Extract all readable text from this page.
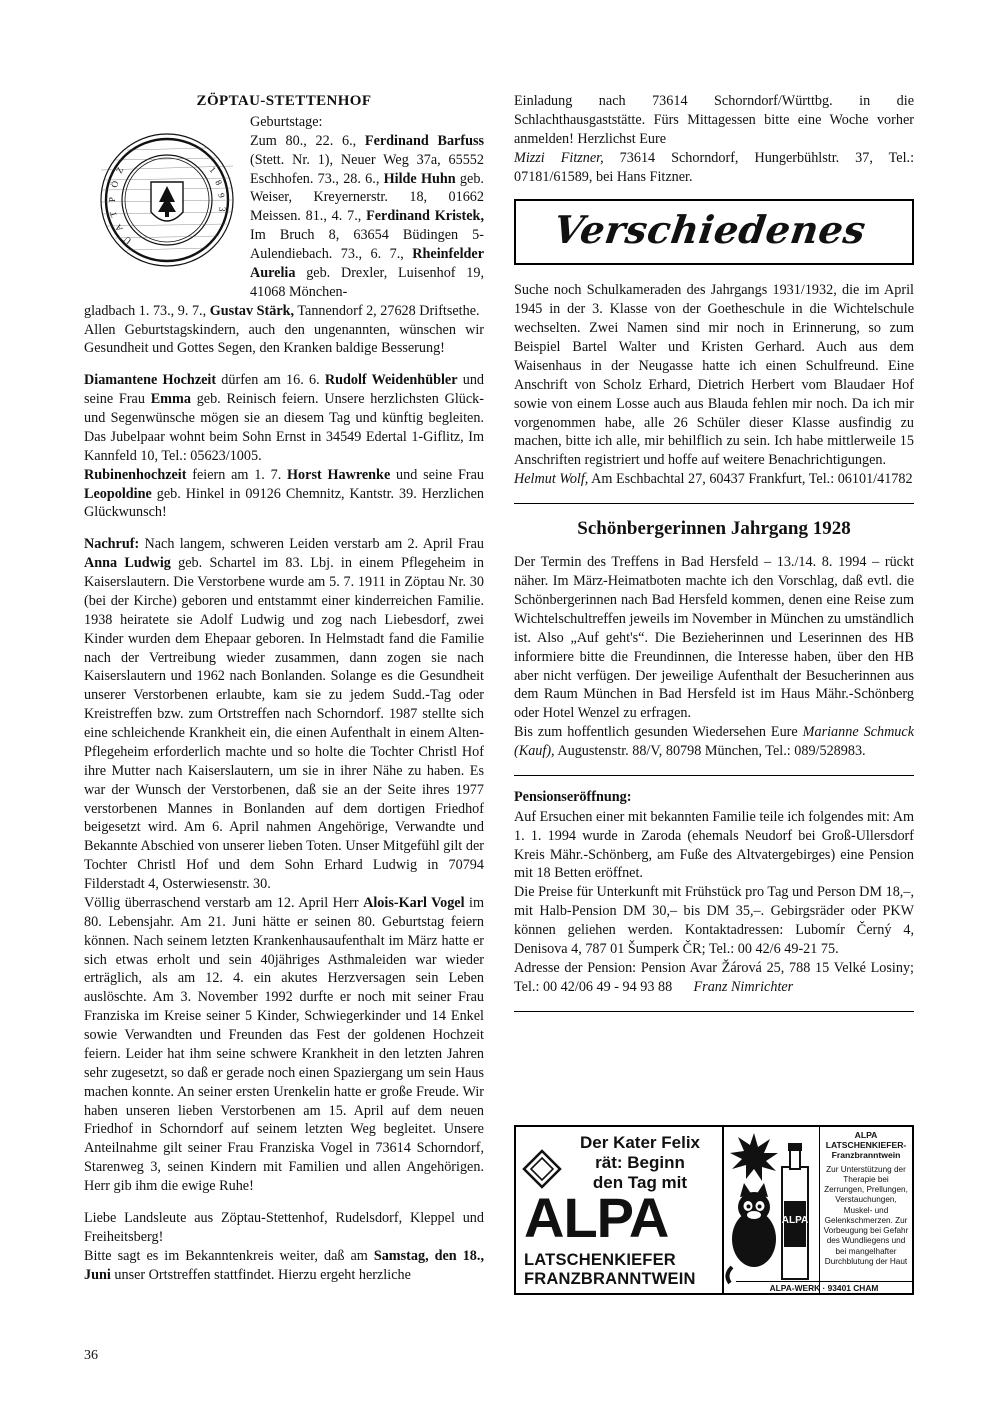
ZÖPTAU-STETTENHOF

Geburtstage:

Zum 80., 22. 6., Ferdinand Barfuss (Stett. Nr. 1), Neuer Weg 37a, 65552 Eschhofen. 73., 28. 6., Hilde Huhn geb. Weiser, Kreyernerstr. 18, 01662 Meissen. 81., 4. 7., Ferdinand Kristek, Im Bruch 8, 63654 Büdingen 5-Aulendiebach. 73., 6. 7., Rheinfelder Aurelia geb. Drexler, Luisenhof 19, 41068 Mönchen-

gladbach 1. 73., 9. 7., Gustav Stärk, Tannendorf 2, 27628 Driftsethe.

Allen Geburtstagskindern, auch den ungenannten, wünschen wir Gesundheit und Gottes Segen, den Kranken baldige Besserung!

Diamantene Hochzeit dürfen am 16. 6. Rudolf Weidenhübler und seine Frau Emma geb. Reinisch feiern. Unsere herzlichsten Glück- und Segenwünsche mögen sie an diesem Tag und künftig begleiten. Das Jubelpaar wohnt beim Sohn Ernst in 34549 Edertal 1-Giflitz, Im Kannfeld 10, Tel.: 05623/1005.

Rubinenhochzeit feiern am 1. 7. Horst Hawrenke und seine Frau Leopoldine geb. Hinkel in 09126 Chemnitz, Kantstr. 39. Herzlichen Glückwunsch!

Nachruf: Nach langem, schweren Leiden verstarb am 2. April Frau Anna Ludwig geb. Schartel im 83. Lbj. in einem Pflegeheim in Kaiserslautern. Die Verstorbene wurde am 5. 7. 1911 in Zöptau Nr. 30 (bei der Kirche) geboren und entstammt einer kinderreichen Familie. 1938 heiratete sie Adolf Ludwig und zog nach Liebesdorf, zwei Kinder wurden dem Ehepaar geboren. In Helmstadt fand die Familie nach der Vertreibung wieder zusammen, dann zogen sie nach Kaiserslautern und 1962 nach Bonlanden. Solange es die Gesundheit unserer Verstorbenen erlaubte, kam sie zu jedem Sudd.-Tag oder Kreistreffen bzw. zum Ortstreffen nach Schorndorf. 1987 stellte sich eine schleichende Krankheit ein, die einen Aufenthalt in einem Alten-Pflegeheim erforderlich machte und so holte die Tochter Christl Hof ihre Mutter nach Kaiserslautern, um sie in ihrer Nähe zu haben. Es war der Wunsch der Verstorbenen, daß sie an der Seite ihres 1977 verstorbenen Mannes in Bonlanden auf dem dortigen Friedhof beigesetzt wird. Am 6. April nahmen Angehörige, Verwandte und Bekannte Abschied von unserer lieben Toten. Unser Mitgefühl gilt der Tochter Christl Hof und dem Sohn Erhard Ludwig in 70794 Filderstadt 4, Osterwiesenstr. 30.

Völlig überraschend verstarb am 12. April Herr Alois-Karl Vogel im 80. Lebensjahr. Am 21. Juni hätte er seinen 80. Geburtstag feiern können. Nach seinem letzten Krankenhausaufenthalt im März hatte er sich etwas erholt und sein 40jähriges Asthmaleiden war wieder erträglich, als am 12. 4. ein akutes Herzversagen sein Leben auslöschte. Am 3. November 1992 durfte er noch mit seiner Frau Franziska im Kreise seiner 5 Kinder, Schwiegerkinder und 14 Enkel sowie Verwandten und Freunden das Fest der goldenen Hochzeit feiern. Leider hat ihm seine schwere Krankheit in den letzten Jahren sehr zugesetzt, so daß er gerade noch einen Spaziergang um sein Haus machen konnte. An seiner ersten Urenkelin hatte er große Freude. Wir haben unseren lieben Verstorbenen am 15. April auf dem neuen Friedhof in Schorndorf auf seinem letzten Weg begleitet. Unsere Anteilnahme gilt seiner Frau Franziska Vogel in 73614 Schorndorf, Starenweg 3, seinen Kindern mit Familien und allen Angehörigen. Herr gib ihm die ewige Ruhe!

Liebe Landsleute aus Zöptau-Stettenhof, Rudelsdorf, Kleppel und Freiheitsberg!

Bitte sagt es im Bekanntenkreis weiter, daß am Samstag, den 18., Juni unser Ortstreffen stattfindet. Hierzu ergeht herzliche

Z
Ö
P
T
A
U
1
8
9
3

Einladung nach 73614 Schorndorf/Württbg. in die Schlachthausgaststätte. Fürs Mittagessen bitte eine Woche vorher anmelden! Herzlichst Eure

Mizzi Fitzner, 73614 Schorndorf, Hungerbühlstr. 37, Tel.: 07181/61589, bei Hans Fitzner.

Verschiedenes

Suche noch Schulkameraden des Jahrgangs 1931/1932, die im April 1945 in der 3. Klasse von der Goetheschule in die Wichtelschule wechselten. Zwei Namen sind mir noch in Erinnerung, so zum Beispiel Bartel Walter und Kristen Gerhard. Auch aus dem Waisenhaus in der Neugasse hatte ich einen Schulfreund. Eine Anschrift von Scholz Erhard, Dietrich Herbert vom Blaudaer Hof sowie von einem Losse auch aus Blauda fehlen mir noch. Da ich mir vorgenommen habe, alle 26 Schüler dieser Klasse ausfindig zu machen, bitte ich alle, mir behilflich zu sein. Ich habe mittlerweile 15 Anschriften registriert und hoffe auf weitere Benachrichtigungen.

Helmut Wolf, Am Eschbachtal 27, 60437 Frankfurt, Tel.: 06101/41782

Schönbergerinnen Jahrgang 1928

Der Termin des Treffens in Bad Hersfeld – 13./14. 8. 1994 – rückt näher. Im März-Heimatboten machte ich den Vorschlag, daß evtl. die Schönbergerinnen nach Bad Hersfeld kommen, denen eine Reise zum Wichtelschultreffen jeweils im November in München zu umständlich ist. Also „Auf geht's“. Die Bezieherinnen und Leserinnen des HB informiere bitte die Freundinnen, die Interesse haben, über den HB aber nicht verfügen. Der jeweilige Aufenthalt der Besucherinnen aus dem Raum München in Bad Hersfeld ist im Haus Mähr.-Schönberg oder Hotel Wenzel zu erfragen.

Bis zum hoffentlich gesunden Wiedersehen Eure Marianne Schmuck (Kauf), Augustenstr. 88/V, 80798 München, Tel.: 089/528983.

Pensionseröffnung:

Auf Ersuchen einer mit bekannten Familie teile ich folgendes mit: Am 1. 1. 1994 wurde in Zaroda (ehemals Neudorf bei Groß-Ullersdorf Kreis Mähr.-Schönberg, am Fuße des Altvatergebirges) eine Pension mit 18 Betten eröffnet.

Die Preise für Unterkunft mit Frühstück pro Tag und Person DM 18,–, mit Halb-Pension DM 30,– bis DM 35,–. Gebirgsräder oder PKW können geliehen werden. Kontaktadressen: Lubomír Černý 4, Denisova 4, 787 01 Šumperk ČR; Tel.: 00 42/6 49-21 75.

Adresse der Pension: Pension Avar Žárová 25, 788 15 Velké Losiny; Tel.: 00 42/06 49 - 94 93 88 Franz Nimrichter

Der Kater Felix
rät: Beginn
den Tag mit
ALPA
LATSCHENKIEFER
FRANZBRANNTWEIN
ALPA
ALPA LATSCHENKIEFER-
Franzbranntwein
Zur Unterstützung der Therapie bei Zerrungen, Prellungen, Verstauchungen, Muskel- und Gelenkschmerzen. Zur Vorbeugung bei Gefahr des Wundliegens und bei mangelhafter Durchblutung der Haut
ALPA-WERK · 93401 CHAM
36
